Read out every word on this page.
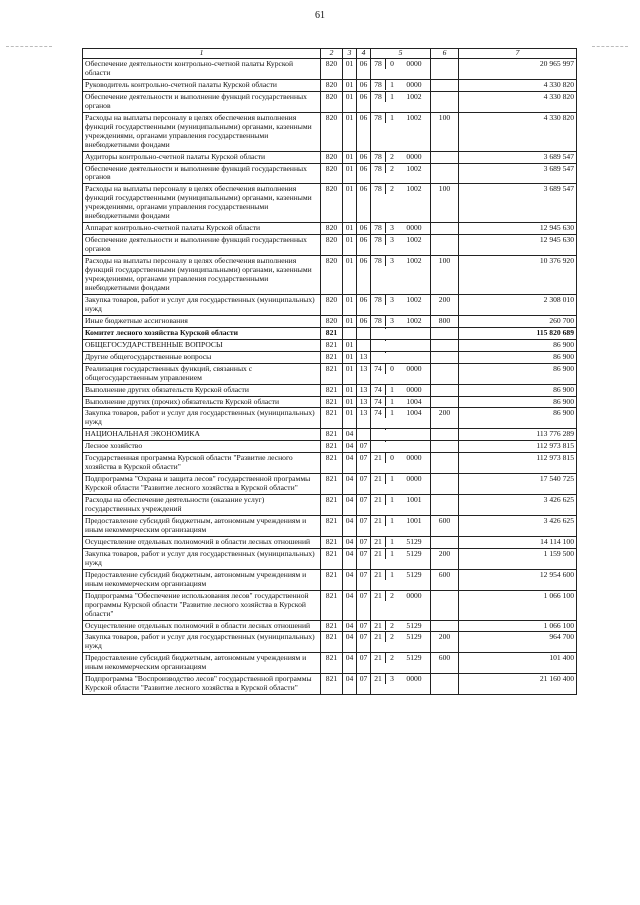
61
1	2	3	4	5	6	7
Обеспечение деятельности контрольно-счетной палаты Курской области	820	01	06	78 0 0000		20 965 997
Руководитель контрольно-счетной палаты Курской области	820	01	06	78 1 0000		4 330 820
Обеспечение деятельности и выполнение функций государственных органов	820	01	06	78 1 1002		4 330 820
Расходы на выплаты персоналу в целях обеспечения выполнения функций государственными (муниципальными) органами, казенными учреждениями, органами управления государственными внебюджетными фондами	820	01	06	78 1 1002	100	4 330 820
Аудиторы контрольно-счетной палаты Курской области	820	01	06	78 2 0000		3 689 547
Обеспечение деятельности и выполнение функций государственных органов	820	01	06	78 2 1002		3 689 547
Расходы на выплаты персоналу в целях обеспечения выполнения функций государственными (муниципальными) органами, казенными учреждениями, органами управления государственными внебюджетными фондами	820	01	06	78 2 1002	100	3 689 547
Аппарат контрольно-счетной палаты Курской области	820	01	06	78 3 0000		12 945 630
Обеспечение деятельности и выполнение функций государственных органов	820	01	06	78 3 1002		12 945 630
Расходы на выплаты персоналу в целях обеспечения выполнения функций государственными (муниципальными) органами, казенными учреждениями, органами управления государственными внебюджетными фондами	820	01	06	78 3 1002	100	10 376 920
Закупка товаров, работ и услуг для государственных (муниципальных) нужд	820	01	06	78 3 1002	200	2 308 010
Иные бюджетные ассигнования	820	01	06	78 3 1002	800	260 700
Комитет лесного хозяйства Курской области	821					115 820 689
ОБЩЕГОСУДАРСТВЕННЫЕ ВОПРОСЫ	821	01				86 900
Другие общегосударственные вопросы	821	01	13			86 900
Реализация государственных функций, связанных с общегосударственным управлением	821	01	13	74 0 0000		86 900
Выполнение других обязательств Курской области	821	01	13	74 1 0000		86 900
Выполнение других (прочих) обязательств Курской области	821	01	13	74 1 1004		86 900
Закупка товаров, работ и услуг для государственных (муниципальных) нужд	821	01	13	74 1 1004	200	86 900
НАЦИОНАЛЬНАЯ ЭКОНОМИКА	821	04				113 776 289
Лесное хозяйство	821	04	07			112 973 815
Государственная программа Курской области "Развитие лесного хозяйства в Курской области"	821	04	07	21 0 0000		112 973 815
Подпрограмма "Охрана и защита лесов" государственной программы Курской области "Развитие лесного хозяйства в Курской области"	821	04	07	21 1 0000		17 540 725
Расходы на обеспечение деятельности (оказание услуг) государственных учреждений	821	04	07	21 1 1001		3 426 625
Предоставление субсидий бюджетным, автономным учреждениям и иным некоммерческим организациям	821	04	07	21 1 1001	600	3 426 625
Осуществление отдельных полномочий в области лесных отношений	821	04	07	21 1 5129		14 114 100
Закупка товаров, работ и услуг для государственных (муниципальных) нужд	821	04	07	21 1 5129	200	1 159 500
Предоставление субсидий бюджетным, автономным учреждениям и иным некоммерческим организациям	821	04	07	21 1 5129	600	12 954 600
Подпрограмма "Обеспечение использования лесов" государственной программы Курской области "Развитие лесного хозяйства в Курской области"	821	04	07	21 2 0000		1 066 100
Осуществление отдельных полномочий в области лесных отношений	821	04	07	21 2 5129		1 066 100
Закупка товаров, работ и услуг для государственных (муниципальных) нужд	821	04	07	21 2 5129	200	964 700
Предоставление субсидий бюджетным, автономным учреждениям и иным некоммерческим организациям	821	04	07	21 2 5129	600	101 400
Подпрограмма "Воспроизводство лесов" государственной программы Курской области "Развитие лесного хозяйства в Курской области"	821	04	07	21 3 0000		21 160 400
